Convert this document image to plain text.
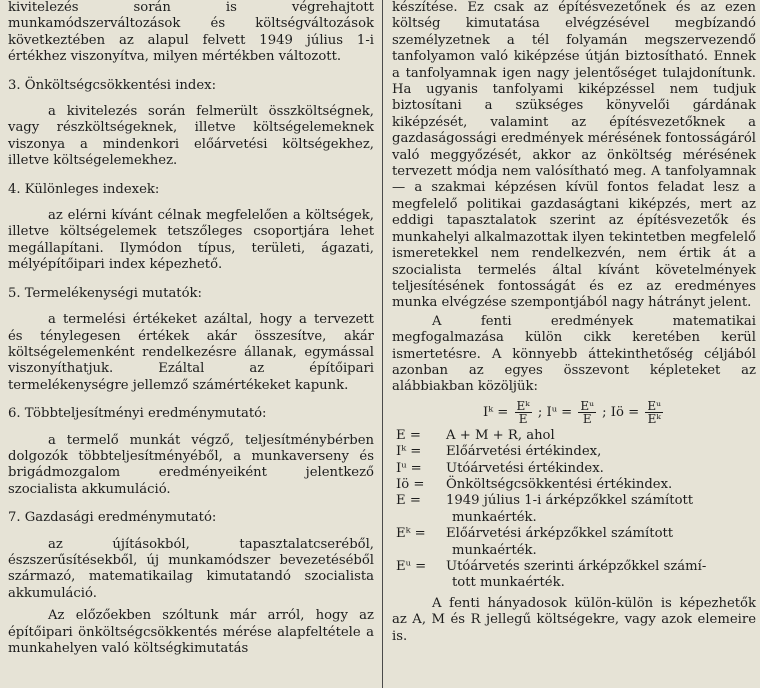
kivitelezés során is végrehajtott munkamódszerváltozások és költségváltozások következtében az alapul felvett 1949 július 1-i értékhez viszonyítva, milyen mértékben változott.

3. Önköltségcsökkentési index:

a kivitelezés során felmerült összköltségnek, vagy részköltségeknek, illetve költségelemeknek viszonya a mindenkori előárvetési költségekhez, illetve költségelemekhez.

4. Különleges indexek:

az elérni kívánt célnak megfelelően a költségek, illetve költségelemek tetszőleges csoportjára lehet megállapítani. Ilymódon típus, területi, ágazati, mélyépítőipari index képezhető.

5. Termelékenységi mutatók:

a termelési értékeket azáltal, hogy a tervezett és ténylegesen értékek akár összesítve, akár költségelemenként rendelkezésre állanak, egymással viszonyíthatjuk. Ezáltal az építőipari termelékenységre jellemző számértékeket kapunk.

6. Többteljesítményi eredménymutató:

a termelő munkát végző, teljesítménybérben dolgozók többteljesítményéből, a munkaverseny és brigádmozgalom eredményeiként jelentkező szocialista akkumuláció.

7. Gazdasági eredménymutató:

az újításokból, tapasztalatcseréből, észszerűsítésekből, új munkamódszer bevezetéséből származó, matematikailag kimutatandó szocialista akkumuláció.

Az előzőekben szóltunk már arról, hogy az építőipari önköltségcsökkentés mérése alapfeltétele a munkahelyen való költségkimutatás

készítése. Ez csak az építésvezetőnek és az ezen költség kimutatása elvégzésével megbízandó személyzetnek a tél folyamán megszervezendő tanfolyamon való kiképzése útján biztosítható. Ennek a tanfolyamnak igen nagy jelentőséget tulajdonítunk. Ha ugyanis tanfolyami kiképzéssel nem tudjuk biztosítani a szükséges könyvelői gárdának kiképzését, valamint az építésvezetőknek a gazdaságossági eredmények mérésének fontosságáról való meggyőzését, akkor az önköltség mérésének tervezett módja nem valósítható meg. A tanfolyamnak — a szakmai képzésen kívül fontos feladat lesz a megfelelő politikai gazdaságtani kiképzés, mert az eddigi tapasztalatok szerint az építésvezetők és munkahelyi alkalmazottak ilyen tekintetben megfelelő ismeretekkel nem rendelkezvén, nem értik át a szocialista termelés által kívánt követelmények teljesítésének fontosságát és ez az eredményes munka elvégzése szempontjából nagy hátrányt jelent.

A fenti eredmények matematikai megfogalmazása külön cikk keretében kerül ismertetésre. A könnyebb áttekinthetőség céljából azonban az egyes összevont képleteket az alábbiakban közöljük:

Iᵏ = $\frac{\text{Eᵏ}}{E}$ ; Iᵘ = $\frac{\text{Eᵘ}}{E}$ ; Iö = $\frac{\text{Eᵘ}}{\text{Eᵏ}}$
E =	A + M + R, ahol
Iᵏ =	Előárvetési értékindex,
Iᵘ =	Utóárvetési értékindex.
Iö =	Önköltségcsökkentési értékindex.
E =	1949 július 1-i árképzőkkel számított
munkaérték.
Eᵏ =	Előárvetési árképzőkkel számított
munkaérték.
Eᵘ =	Utóárvetés szerinti árképzőkkel számí-
tott munkaérték.

A fenti hányadosok külön-külön is képezhetők az A, M és R jellegű költségekre, vagy azok elemeire is.
